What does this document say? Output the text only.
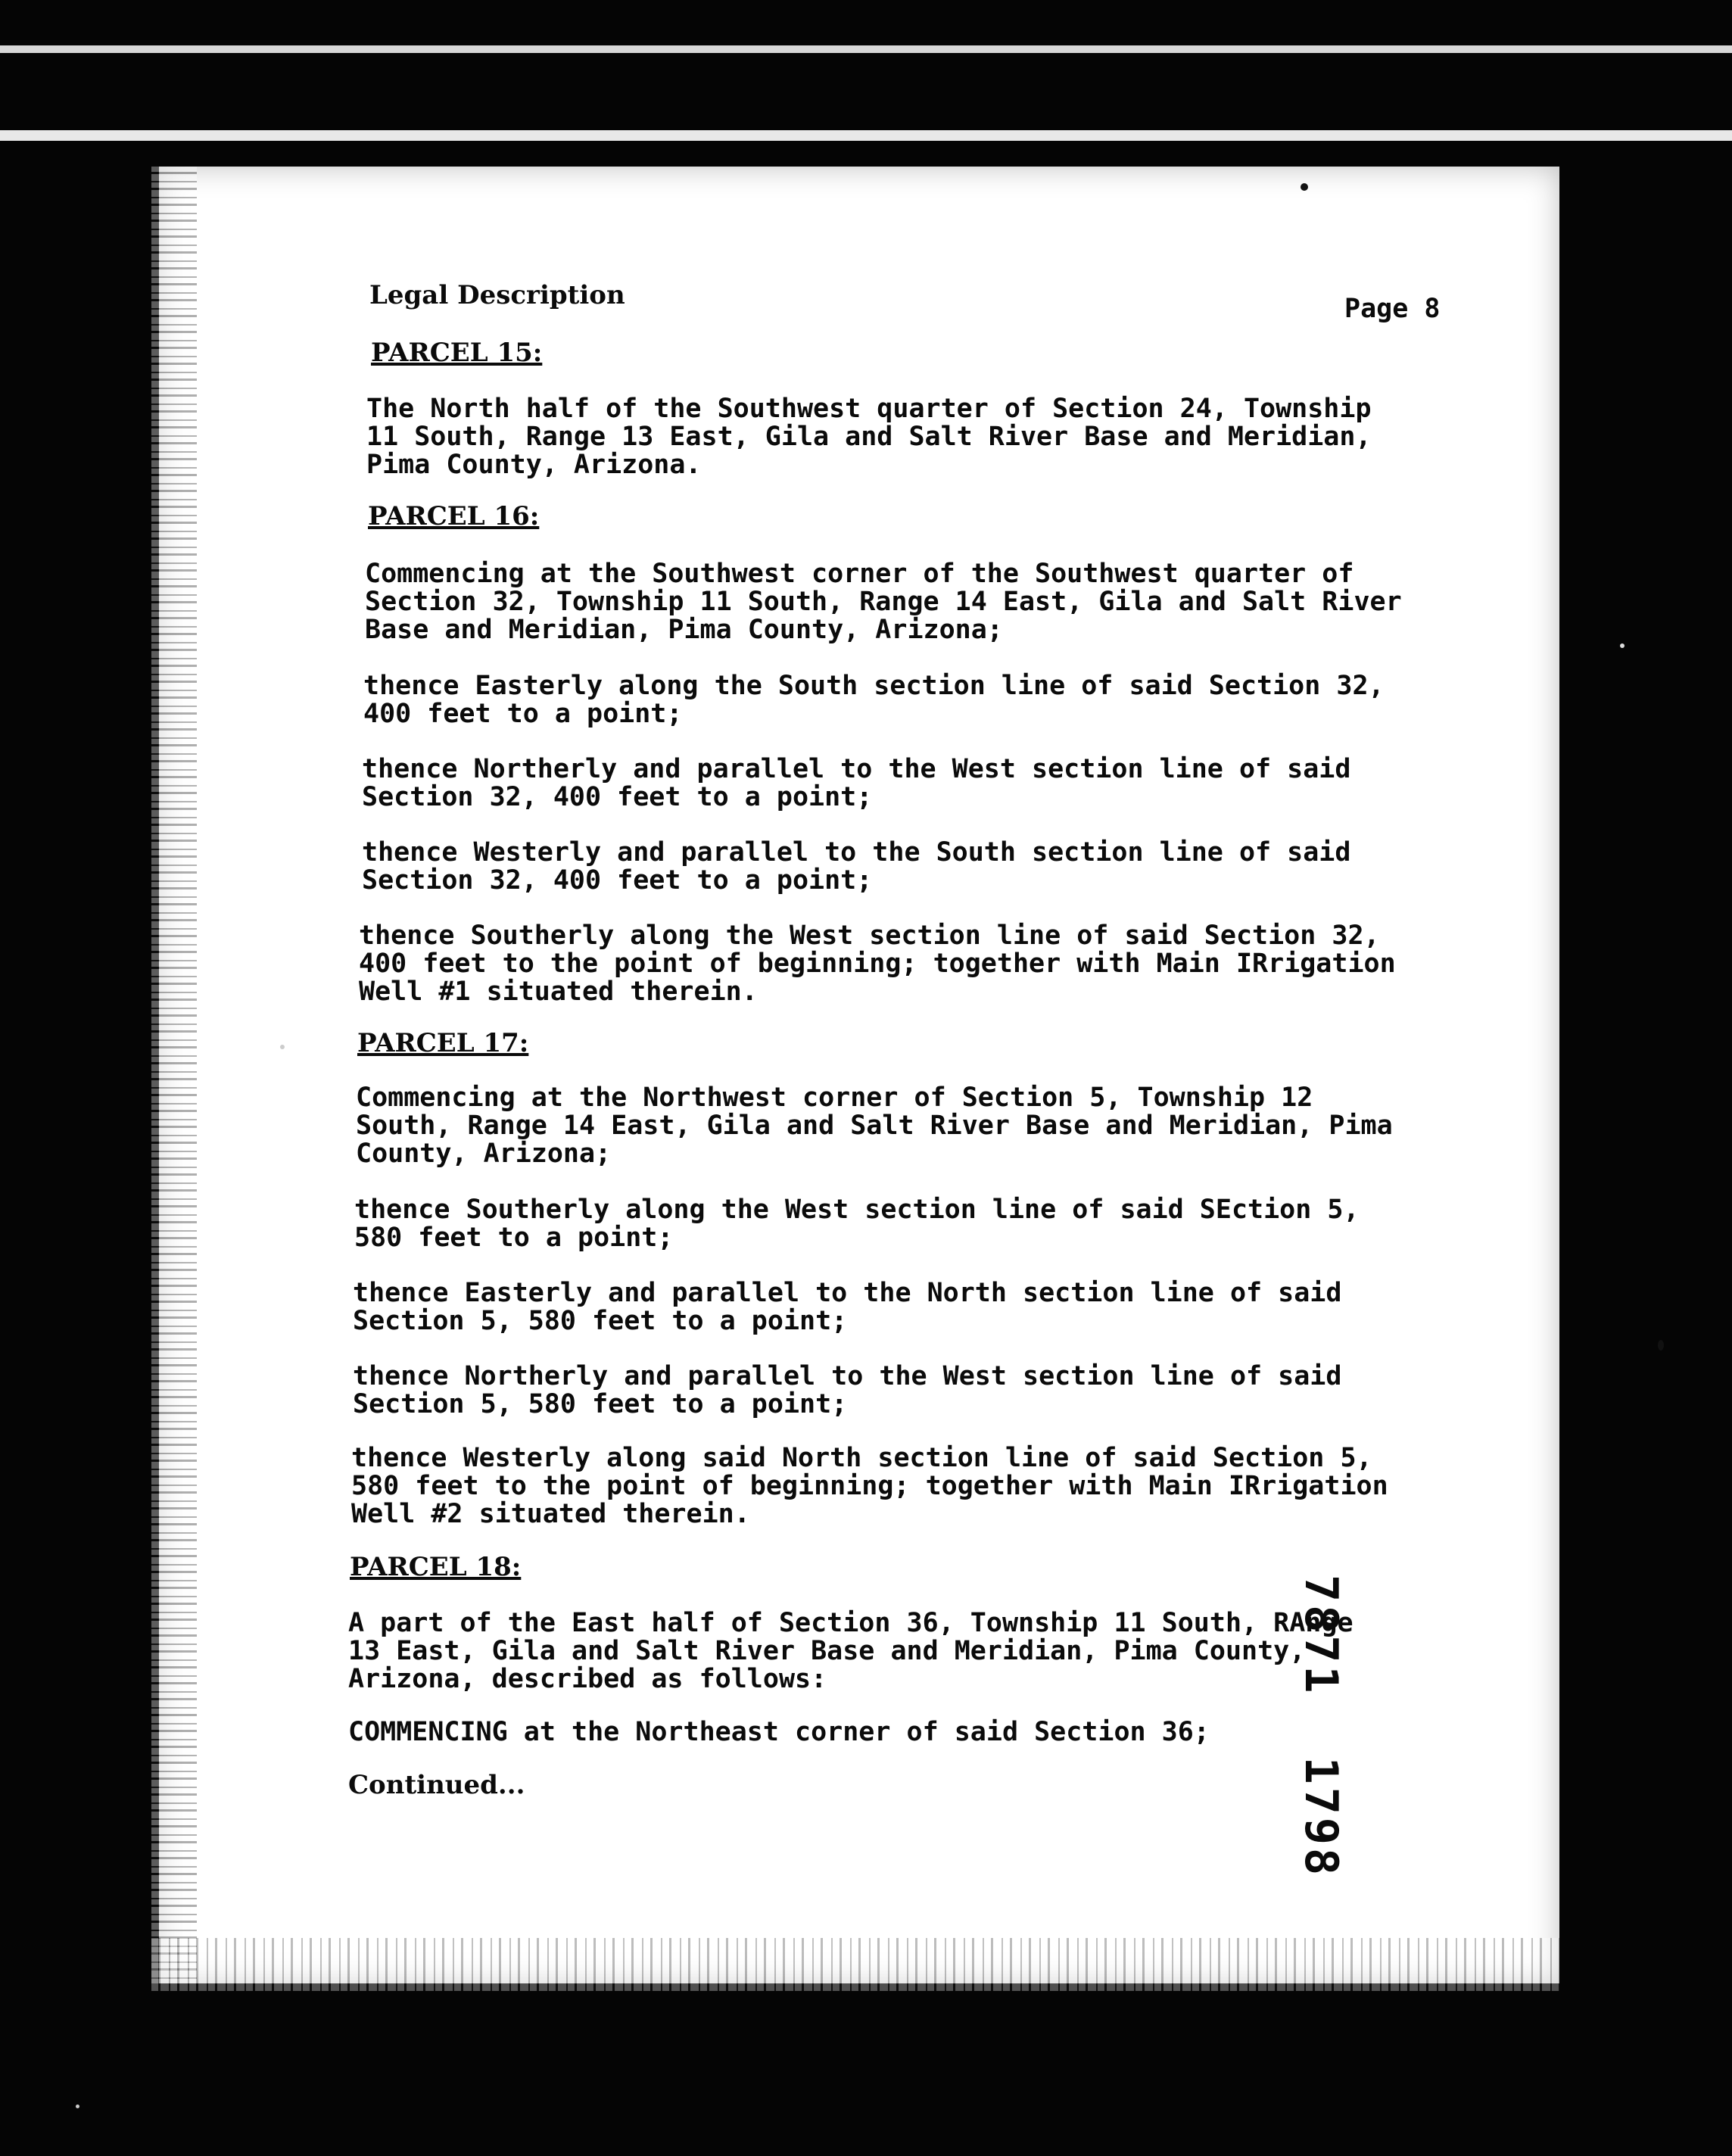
Legal Description	Page 8
PARCEL 15:
The North half of the Southwest quarter of Section 24, Township
11 South, Range 13 East, Gila and Salt River Base and Meridian,
Pima County, Arizona.
PARCEL 16:
Commencing at the Southwest corner of the Southwest quarter of
Section 32, Township 11 South, Range 14 East, Gila and Salt River
Base and Meridian, Pima County, Arizona;
thence Easterly along the South section line of said Section 32,
400 feet to a point;
thence Northerly and parallel to the West section line of said
Section 32, 400 feet to a point;
thence Westerly and parallel to the South section line of said
Section 32, 400 feet to a point;
thence Southerly along the West section line of said Section 32,
400 feet to the point of beginning; together with Main IRrigation
Well #1 situated therein.
PARCEL 17:
Commencing at the Northwest corner of Section 5, Township 12
South, Range 14 East, Gila and Salt River Base and Meridian, Pima
County, Arizona;
thence Southerly along the West section line of said SEction 5,
580 feet to a point;
thence Easterly and parallel to the North section line of said
Section 5, 580 feet to a point;
thence Northerly and parallel to the West section line of said
Section 5, 580 feet to a point;
thence Westerly along said North section line of said Section 5,
580 feet to the point of beginning; together with Main IRrigation
Well #2 situated therein.
PARCEL 18:
A part of the East half of Section 36, Township 11 South, RAnge
13 East, Gila and Salt River Base and Meridian, Pima County,
Arizona, described as follows:
COMMENCING at the Northeast corner of said Section 36;
Continued...	7871 1798
